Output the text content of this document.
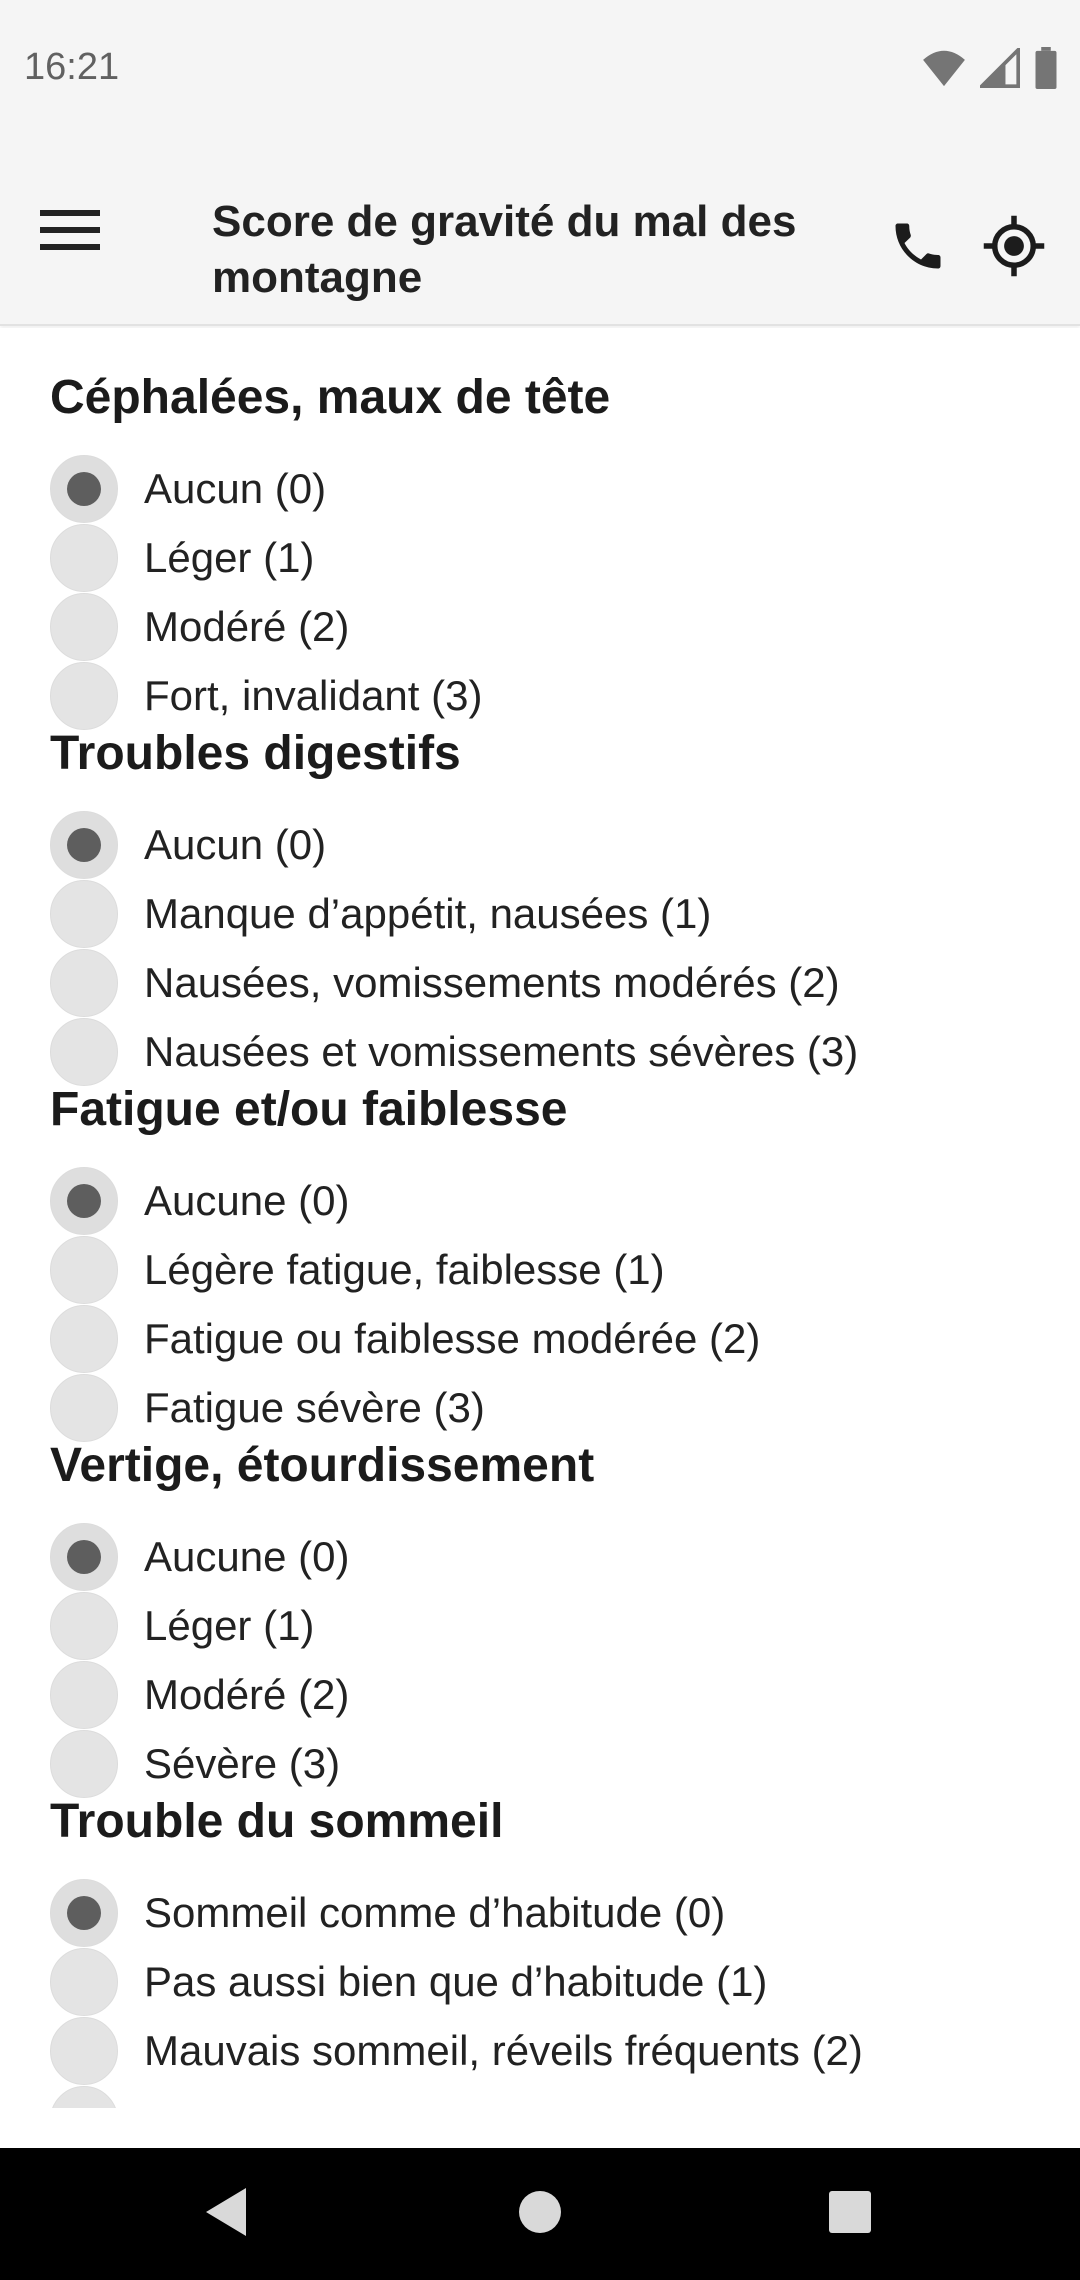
16:21
Score de gravité du mal des montagne
Céphalées, maux de tête
Aucun (0)
Léger (1)
Modéré (2)
Fort, invalidant (3)
Troubles digestifs
Aucun (0)
Manque d’appétit, nausées (1)
Nausées, vomissements modérés (2)
Nausées et vomissements sévères (3)
Fatigue et/ou faiblesse
Aucune (0)
Légère fatigue, faiblesse (1)
Fatigue ou faiblesse modérée (2)
Fatigue sévère (3)
Vertige, étourdissement
Aucune (0)
Léger (1)
Modéré (2)
Sévère (3)
Trouble du sommeil
Sommeil comme d’habitude (0)
Pas aussi bien que d’habitude (1)
Mauvais sommeil, réveils fréquents (2)
